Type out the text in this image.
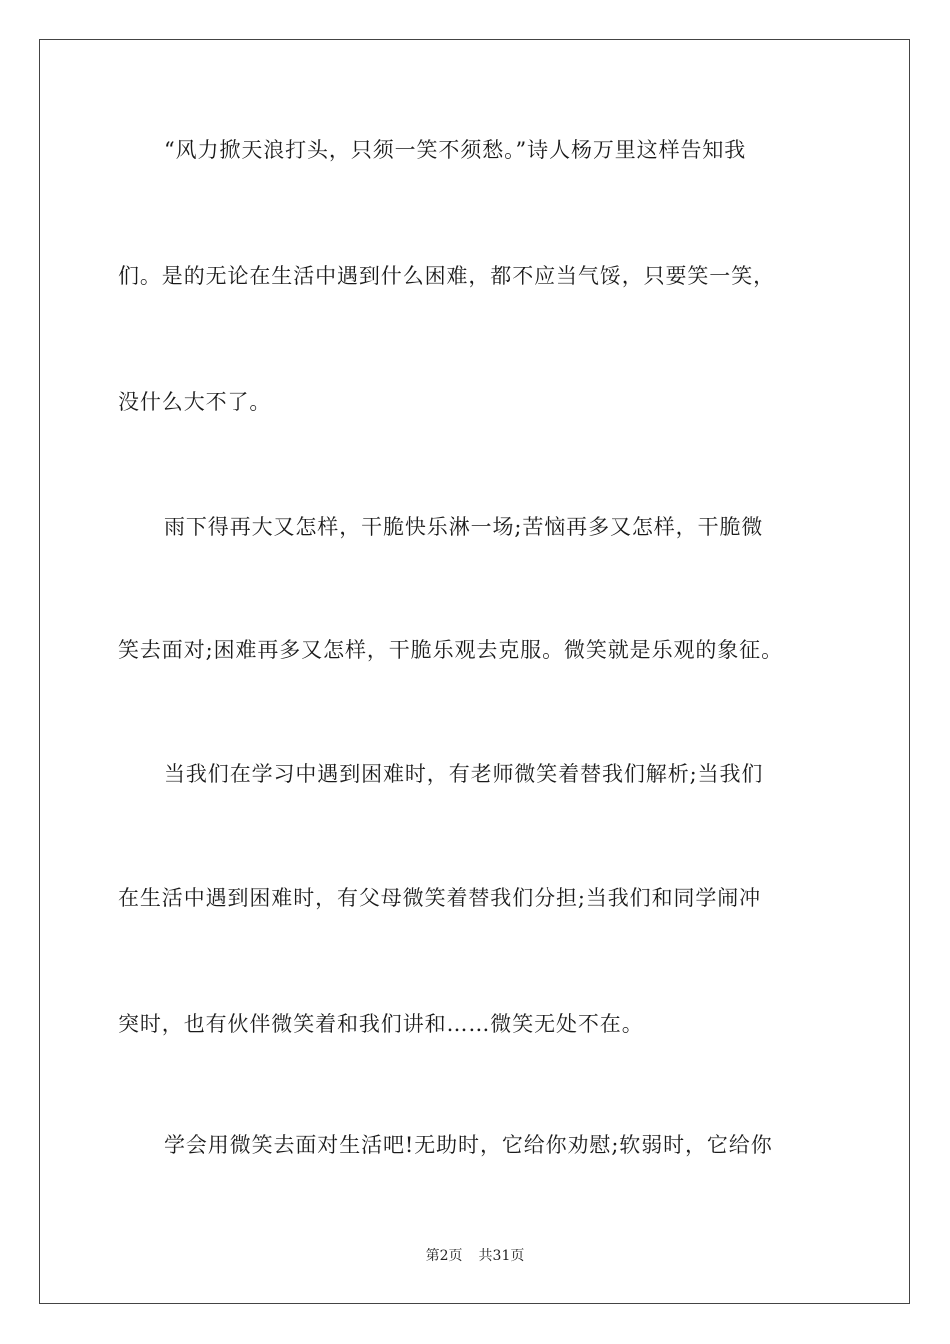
“风力掀天浪打头，只须一笑不须愁。”诗人杨万里这样告知我
们。是的无论在生活中遇到什么困难，都不应当气馁，只要笑一笑，
没什么大不了。
雨下得再大又怎样，干脆快乐淋一场;苦恼再多又怎样，干脆微
笑去面对;困难再多又怎样，干脆乐观去克服。微笑就是乐观的象征。
当我们在学习中遇到困难时，有老师微笑着替我们解析;当我们
在生活中遇到困难时，有父母微笑着替我们分担;当我们和同学闹冲
突时，也有伙伴微笑着和我们讲和……微笑无处不在。
学会用微笑去面对生活吧!无助时，它给你劝慰;软弱时，它给你
第2页 共31页
